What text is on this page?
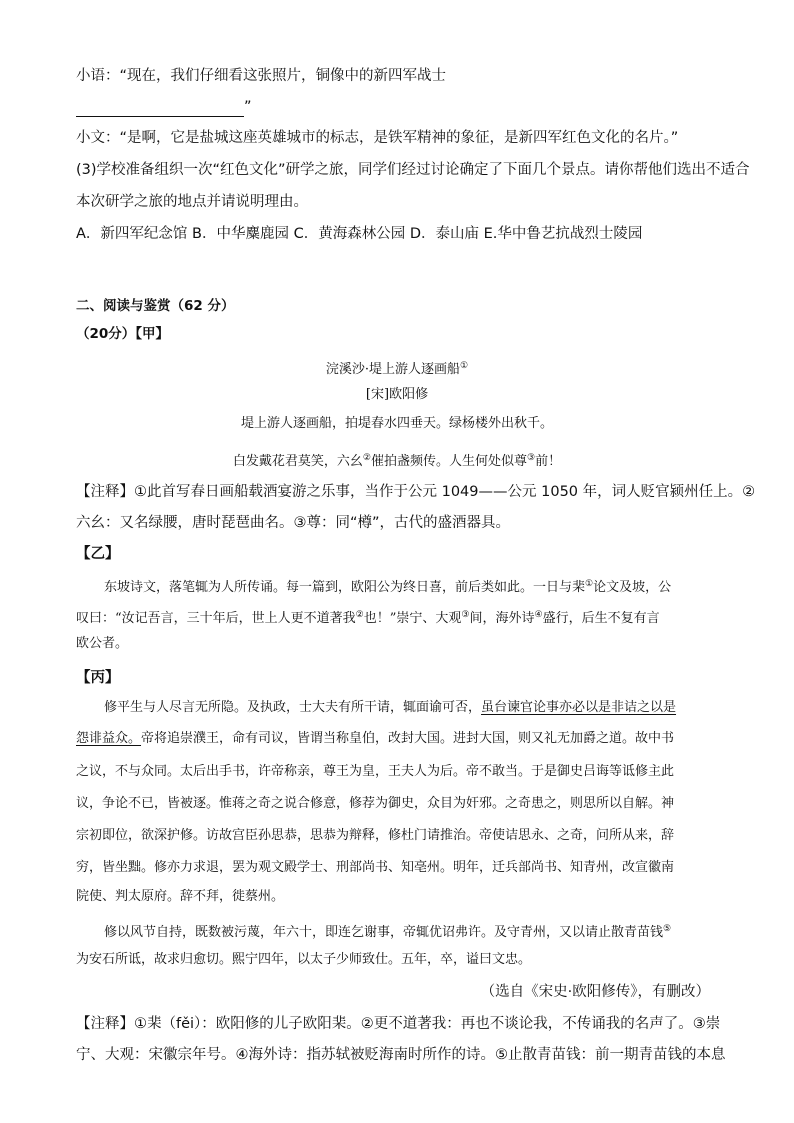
小语：“现在，我们仔细看这张照片，铜像中的新四军战士
”
小文：“是啊，它是盐城这座英雄城市的标志，是铁军精神的象征，是新四军红色文化的名片。”
(3)学校准备组织一次“红色文化”研学之旅，同学们经过讨论确定了下面几个景点。请你帮他们选出不适合
本次研学之旅的地点并请说明理由。
A．新四军纪念馆 B．中华麋鹿园 C．黄海森林公园 D．泰山庙 E.华中鲁艺抗战烈士陵园
二、阅读与鉴赏（62 分）
（20分）【甲】
浣溪沙·堤上游人逐画船①
[宋]欧阳修
堤上游人逐画船，拍堤春水四垂天。绿杨楼外出秋千。
白发戴花君莫笑，六幺②催拍盏频传。人生何处似尊③前！
【注释】①此首写春日画船载酒宴游之乐事，当作于公元 1049——公元 1050 年，词人贬官颍州任上。②
六幺：又名绿腰，唐时琵琶曲名。③尊：同“樽”，古代的盛酒器具。
【乙】
东坡诗文，落笔辄为人所传诵。每一篇到，欧阳公为终日喜，前后类如此。一日与棐①论文及坡，公
叹曰：“汝记吾言，三十年后，世上人更不道著我②也！”崇宁、大观③间，海外诗④盛行，后生不复有言
欧公者。
【丙】
修平生与人尽言无所隐。及执政，士大夫有所干请，辄面谕可否，虽台谏官论事亦必以是非诘之以是
怨诽益众。帝将追崇濮王，命有司议，皆谓当称皇伯，改封大国。进封大国，则又礼无加爵之道。故中书
之议，不与众同。太后出手书，许帝称亲，尊王为皇，王夫人为后。帝不敢当。于是御史吕诲等诋修主此
议，争论不已，皆被逐。惟蒋之奇之说合修意，修荐为御史，众目为奸邪。之奇患之，则思所以自解。神
宗初即位，欲深护修。访故宫臣孙思恭，思恭为辩释，修杜门请推治。帝使诘思永、之奇，问所从来，辞
穷，皆坐黜。修亦力求退，罢为观文殿学士、刑部尚书、知亳州。明年，迁兵部尚书、知青州，改宣徽南
院使、判太原府。辞不拜，徙蔡州。
修以风节自持，既数被污蔑，年六十，即连乞谢事，帝辄优诏弗许。及守青州，又以请止散青苗钱⑤
为安石所诋，故求归愈切。熙宁四年，以太子少师致仕。五年，卒，谥曰文忠。
（选自《宋史·欧阳修传》，有删改）
【注释】①棐（fěi）：欧阳修的儿子欧阳棐。②更不道著我：再也不谈论我，不传诵我的名声了。③崇
宁、大观：宋徽宗年号。④海外诗：指苏轼被贬海南时所作的诗。⑤止散青苗钱：前一期青苗钱的本息
